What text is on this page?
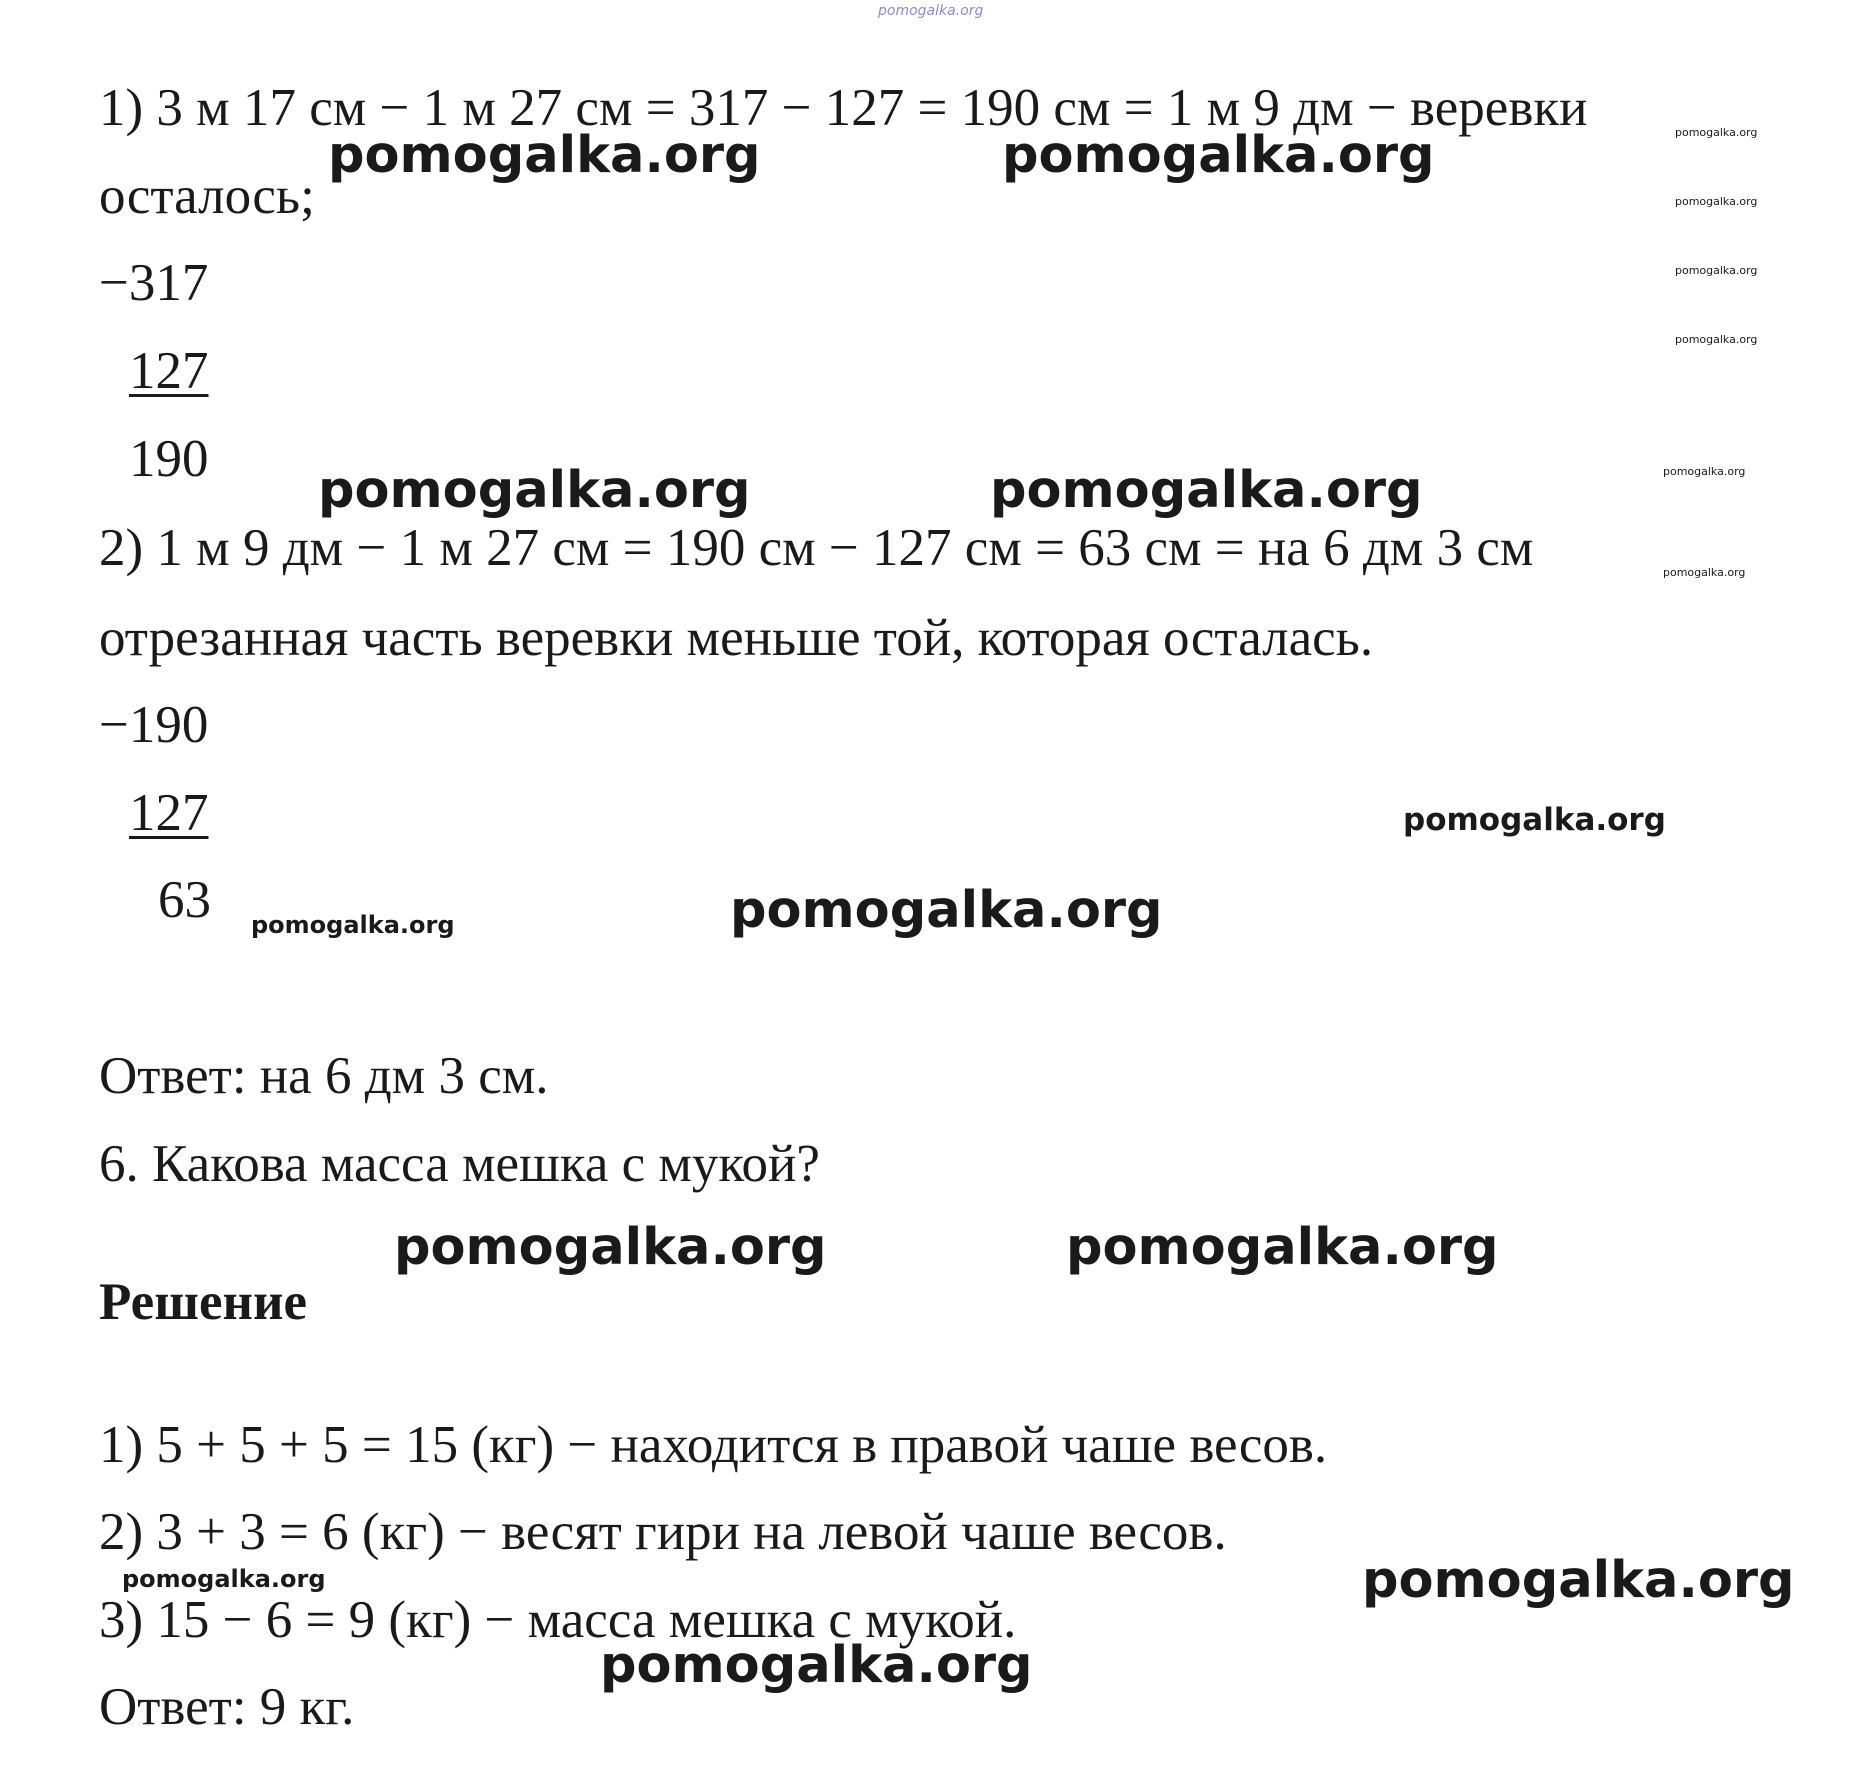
pomogalka.org
1) 3 м 17 см − 1 м 27 см = 317 − 127 = 190 см = 1 м 9 дм − веревки
осталось;
−317
127
190
2) 1 м 9 дм − 1 м 27 см = 190 см − 127 см = 63 см = на 6 дм 3 см
отрезанная часть веревки меньше той, которая осталась.
−190
127
63
Ответ: на 6 дм 3 см.
6. Какова масса мешка с мукой?
Решение
1) 5 + 5 + 5 = 15 (кг) − находится в правой чаше весов.
2) 3 + 3 = 6 (кг) − весят гири на левой чаше весов.
3) 15 − 6 = 9 (кг) − масса мешка с мукой.
Ответ: 9 кг.
pomogalka.org	pomogalka.org	pomogalka.org
pomogalka.org
pomogalka.org
pomogalka.org
pomogalka.org	pomogalka.org	pomogalka.org
pomogalka.org
pomogalka.org
pomogalka.org
pomogalka.org
pomogalka.org	pomogalka.org
pomogalka.org	pomogalka.org
pomogalka.org
